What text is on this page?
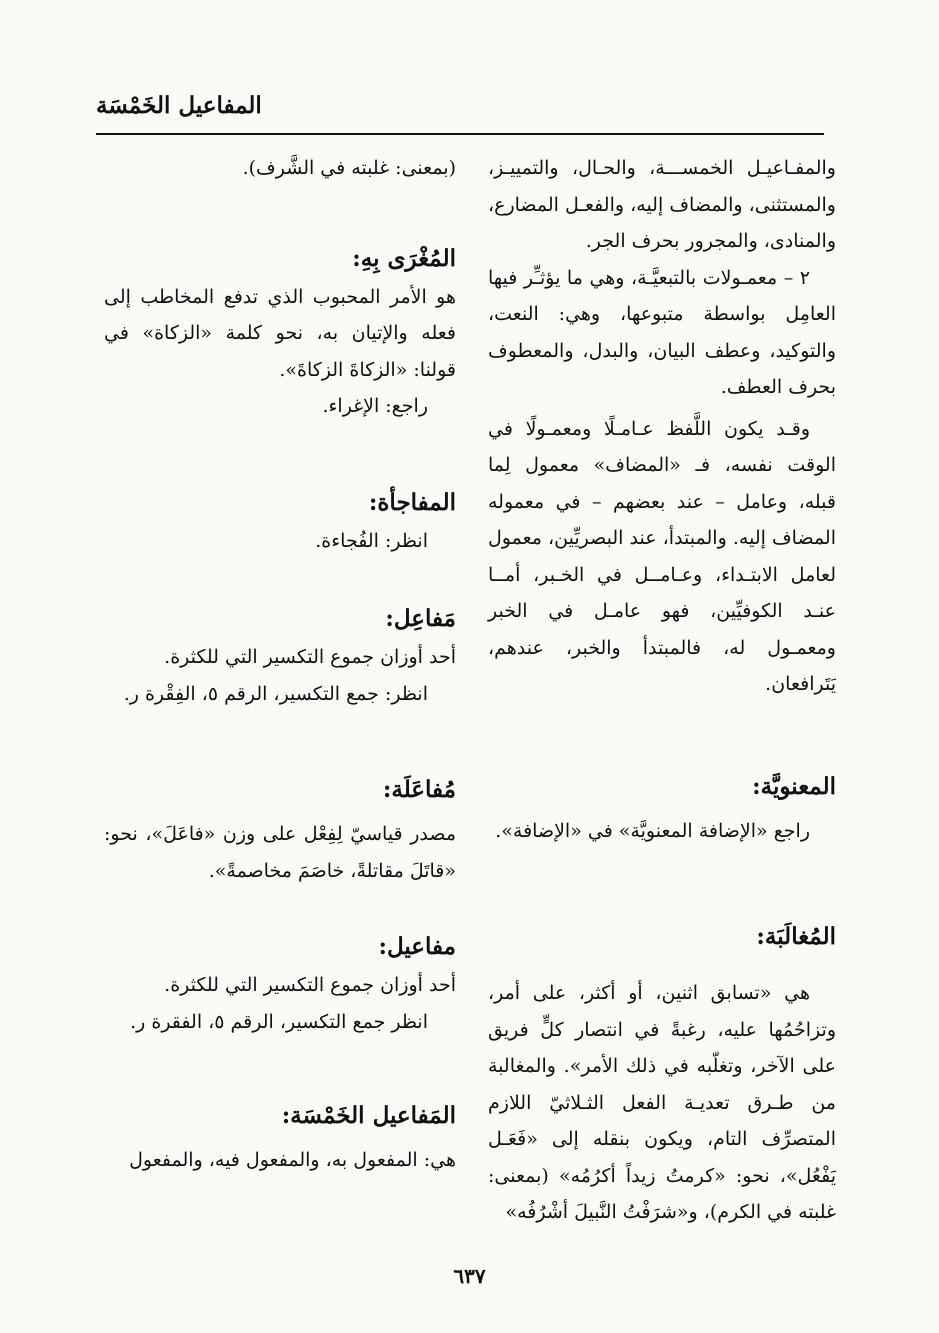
المفاعيل الخَمْسَة

والمفـاعيـل الخمســـة، والحـال، والتمييـز، والمستثنى، والمضاف إليه، والفعـل المضارع، والمنادى، والمجرور بحرف الجر.

٢ – معمـولات بالتبعيَّـة، وهي ما يؤثـِّر فيها العامِل بواسطة متبوعها، وهي: النعت، والتوكيد، وعطف البيان، والبدل، والمعطوف بحرف العطف.

وقـد يكون اللَّفظ عـامـلًا ومعمـولًا في الوقت نفسه، فـ «المضاف» معمول لِما قبله، وعامل – عند بعضهم – في معموله المضاف إليه. والمبتدأ، عند البصريِّين، معمول لعامل الابتـداء، وعـامــل في الخـبر، أمــا عنـد الكوفيِّين، فهو عامـل في الخبر ومعمـول له، فالمبتدأ والخبر، عندهم، يَتَرافعان.

المعنويَّة:

راجع «الإضافة المعنويَّة» في «الإضافة».

المُغالَبَة:

هي «تسابق اثنين، أو أكثر، على أمر، وتزاحُمُها عليه، رغبةً في انتصار كلٍّ فريق على الآخر، وتغلّبه في ذلك الأمر». والمغالبة من طـرق تعديـة الفعل الثـلاثيّ اللازم المتصرِّف التام، ويكون بنقله إلى «فَعَـل يَفْعُل»، نحو: «كرمتُ زيداً أكرُمُه» (بمعنى: غلبته في الكرم)، و«شرَفْتُ النَّبيلَ أشْرُفُه»

(بمعنى: غلبته في الشَّرف).

المُغْرَى بِهِ:

هو الأمر المحبوب الذي تدفع المخاطب إلى فعله والإتيان به، نحو كلمة «الزكاة» في قولنا: «الزكاةَ الزكاةَ».

راجع: الإغراء.

المفاجأة:

انظر: الفُجاءة.

مَفاعِل:

أحد أوزان جموع التكسير التي للكثرة.

انظر: جمع التكسير، الرقم ٥، الفِقْرة ر.

مُفاعَلَة:

مصدر قياسيّ لِفِعْل على وزن «فاعَلَ»، نحو: «قاتَلَ مقاتلةً، خاصَمَ مخاصمةً».

مفاعيل:

أحد أوزان جموع التكسير التي للكثرة.

انظر جمع التكسير، الرقم ٥، الفقرة ر.

المَفاعيل الخَمْسَة:

هي: المفعول به، والمفعول فيه، والمفعول

٦٣٧
